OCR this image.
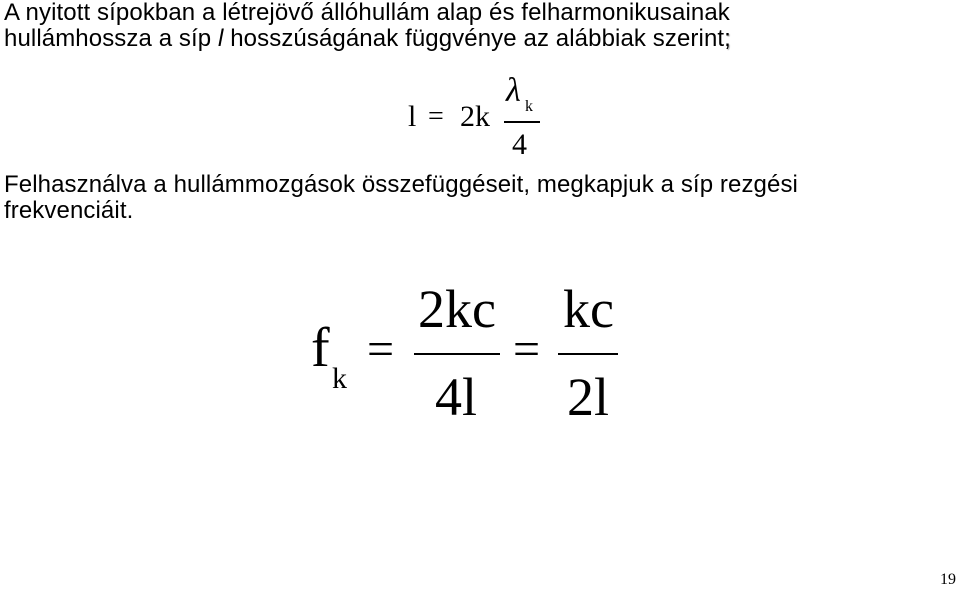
A nyitott sípokban a létrejövő állóhullám alap és felharmonikusainak
hullámhossza a síp l hosszúságának függvénye az alábbiak szerint;
l = 2k
λ k
4
Felhasználva a hullámmozgások összefüggéseit, megkapjuk a síp rezgési
frekvenciáit.
f k
=
2kc
4l
=
kc
2l
19
